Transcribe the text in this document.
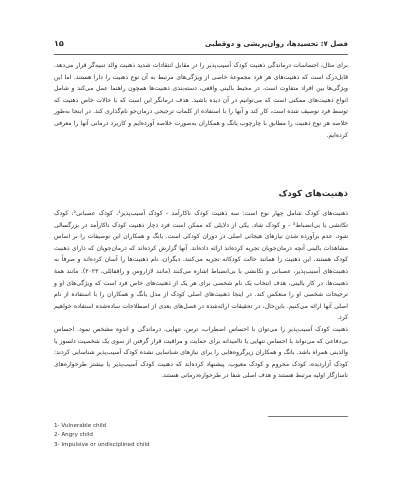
فصل ۷: تحسیدها، روان‌پریشی و دوقطبی
۱۵

برای مثال، احساسات درماندگی ذهنیت کودک آسیب‌پذیر را در مقابل انتقادات شدید ذهنیت والد تنبیه‌گر قرار می‌دهد. قابل‌درک است که ذهنیت‌های هر فرد مجموعهٔ خاصی از ویژگی‌های مرتبط به آن نوع ذهنیت را دارا هستند. اما این ویژگی‌ها بین افراد متفاوت است. در محیط بالینی واقعی، دسته‌بندی ذهنیت‌ها همچون راهنما عمل می‌کند و شامل انواع ذهنیت‌های ممکنی است که می‌توانیم در آن دیده باشید. هدف درمانگر این است که با حالات خاص ذهنیت که توسط فرد توصیف شده است، کار کند و آنها را با استفاده از کلمات ترجیحی درمان‌جو نام‌گذاری کند. در اینجا به‌طور خلاصه هر نوع ذهنیت را مطابق با چارچوب یانگ و همکاران به‌صورت خلاصه آورده‌ایم و کاربرد درمانی آنها را معرفی کرده‌ایم.

ذهنیت‌های کودک

ذهنیت‌های کودک شامل چهار نوع است: سه ذهنیت کودک ناکارآمد - کودک آسیب‌پذیر¹، کودک عصبانی²، کودک تکانشی یا بی‌انضباط³ - و کودک شاد. یکی از دلایلی که ممکن است فرد دچار ذهنیت کودک ناکارآمد در بزرگسالی شود، عدم برآورده شدن نیازهای هیجانی اصلی در دوران کودکی است. یانگ و همکاران این توصیفات را بر اساس مشاهدات بالینی آنچه درمان‌جویان تجربه کرده‌اند ارائه داده‌اند. آنها گزارش کرده‌اند که درمان‌جویان که دارای ذهنیت کودک هستند، این ذهنیت را همانند حالت کودکانه تجربه می‌کنند. دیگران، نام ذهنیت‌ها را آسان کرده‌اند و صرفاً به ذهنیت‌های آسیب‌پذیر، عصبانی و تکانشی یا بی‌انضباط اشاره می‌کنند (مانند لازاروس و راففائلی، ۲۰۲۳). مانند همهٔ ذهنیت‌ها، در کار بالینی، هدف انتخاب یک نام شخصی برای هر یک از ذهنیت‌های خاص فرد است که ویژگی‌های او و ترجیحات شخصی او را منعکس کند. در اینجا ذهنیت‌های اصلی کودک از مدل یانگ و همکاران را با استفاده از نام اصلی آنها ارائه می‌کنیم. باین‌حال، در تحقیقات ارائه‌شده در فصل‌های بعدی از اصطلاحات ساده‌شده استفاده خواهیم کرد.

ذهنیت کودک آسیب‌پذیر را می‌توان با احساس اضطراب، ترس، تنهایی، درماندگی و اندوه مشخص نمود. احساس بی‌دفاعی که می‌تواند با احساس تنهایی یا ناامیدانه برای حمایت و مراقبت قرار گرفتن از سوی یک شخصیت دلسوز یا والدینی همراه باشد. یانگ و همکاران زیرگروه‌هایی را برای نیازهای شناسایی نشده کودک آسیب‌پذیر شناسایی کردند: کودک آزاردیده، کودک محروم و کودک معیوب. پیشنهاد کرده‌اند که ذهنیت کودک آسیب‌پذیر یا بیشتر طرحواره‌های ناسازگار اولیه مرتبط هستند و هدف اصلی شفا در طرحواره‌درمانی هستند.

1- Vulnerable child
2- Angry child
3- Impulsive or undisciplined child
